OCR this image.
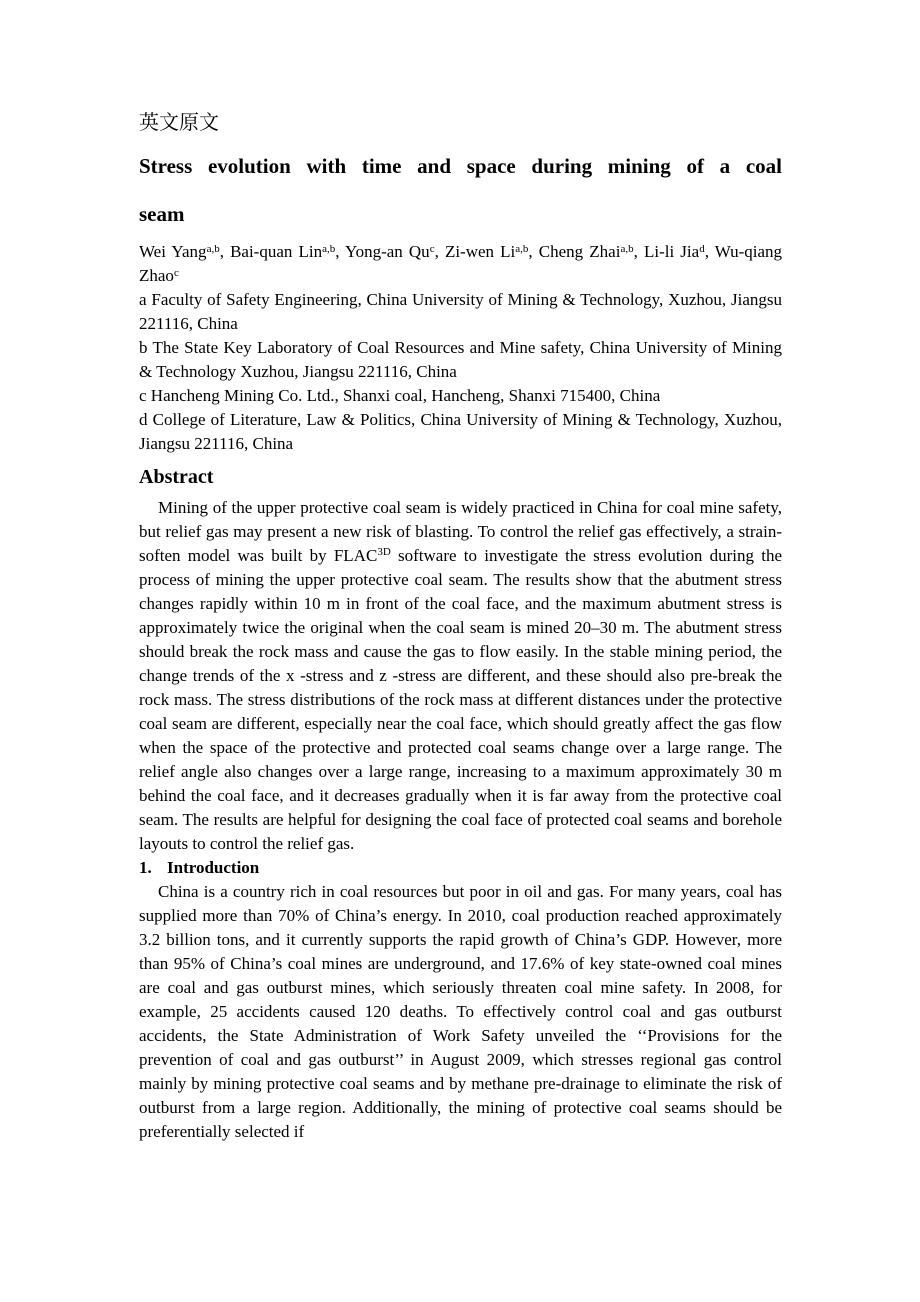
英文原文
Stress evolution with time and space during mining of a coal
seam

Wei Yang$^{a,b}$, Bai-quan Lin$^{a,b}$, Yong-an Qu$^c$, Zi-wen Li$^{a,b}$, Cheng Zhai$^{a,b}$, Li-li Jia$^d$, Wu-qiang Zhao$^c$

a Faculty of Safety Engineering, China University of Mining & Technology, Xuzhou, Jiangsu 221116, China

b The State Key Laboratory of Coal Resources and Mine safety, China University of Mining & Technology Xuzhou, Jiangsu 221116, China

c Hancheng Mining Co. Ltd., Shanxi coal, Hancheng, Shanxi 715400, China

d College of Literature, Law & Politics, China University of Mining & Technology, Xuzhou, Jiangsu 221116, China

Abstract

Mining of the upper protective coal seam is widely practiced in China for coal mine safety, but relief gas may present a new risk of blasting. To control the relief gas effectively, a strain-soften model was built by $FLAC^{3D}$ software to investigate the stress evolution during the process of mining the upper protective coal seam. The results show that the abutment stress changes rapidly within 10 m in front of the coal face, and the maximum abutment stress is approximately twice the original when the coal seam is mined 20–30 m. The abutment stress should break the rock mass and cause the gas to flow easily. In the stable mining period, the change trends of the x -stress and z -stress are different, and these should also pre-break the rock mass. The stress distributions of the rock mass at different distances under the protective coal seam are different, especially near the coal face, which should greatly affect the gas flow when the space of the protective and protected coal seams change over a large range. The relief angle also changes over a large range, increasing to a maximum approximately 30 m behind the coal face, and it decreases gradually when it is far away from the protective coal seam. The results are helpful for designing the coal face of protected coal seams and borehole layouts to control the relief gas.

1. Introduction

China is a country rich in coal resources but poor in oil and gas. For many years, coal has supplied more than 70% of China’s energy. In 2010, coal production reached approximately 3.2 billion tons, and it currently supports the rapid growth of China’s GDP. However, more than 95% of China’s coal mines are underground, and 17.6% of key state-owned coal mines are coal and gas outburst mines, which seriously threaten coal mine safety. In 2008, for example, 25 accidents caused 120 deaths. To effectively control coal and gas outburst accidents, the State Administration of Work Safety unveiled the ‘‘Provisions for the prevention of coal and gas outburst’’ in August 2009, which stresses regional gas control mainly by mining protective coal seams and by methane pre-drainage to eliminate the risk of outburst from a large region. Additionally, the mining of protective coal seams should be preferentially selected if
